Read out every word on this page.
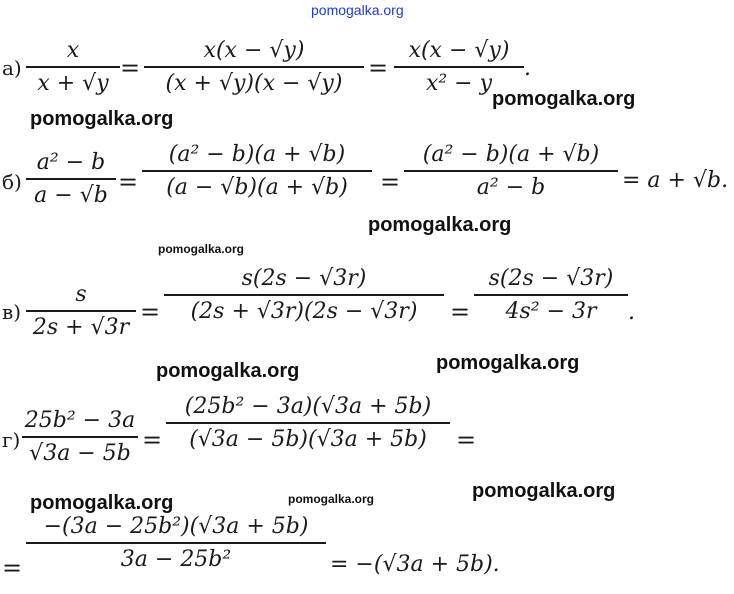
pomogalka.org
а)
x
x + √y
=
x(x − √y)
(x + √y)(x − √y)
=
x(x − √y)
x² − y
.
pomogalka.org
pomogalka.org
б)
a² − b
a − √b =
(a² − b)(a + √b)
(a − √b)(a + √b) =
(a² − b)(a + √b)
a² − b	= a + √b.
pomogalka.org
pomogalka.org
в)
s
2s + √3r
=
s(2s − √3r)
(2s + √3r)(2s − √3r) =
s(2s − √3r)
4s² − 3r .
pomogalka.org
pomogalka.org
г)
25b² − 3a
√3a − 5b =
(25b² − 3a)(√3a + 5b)
(√3a − 5b)(√3a + 5b) =
pomogalka.org
pomogalka.org	pomogalka.org
=
−(3a − 25b²)(√3a + 5b)
3a − 25b²	= −(√3a + 5b).
